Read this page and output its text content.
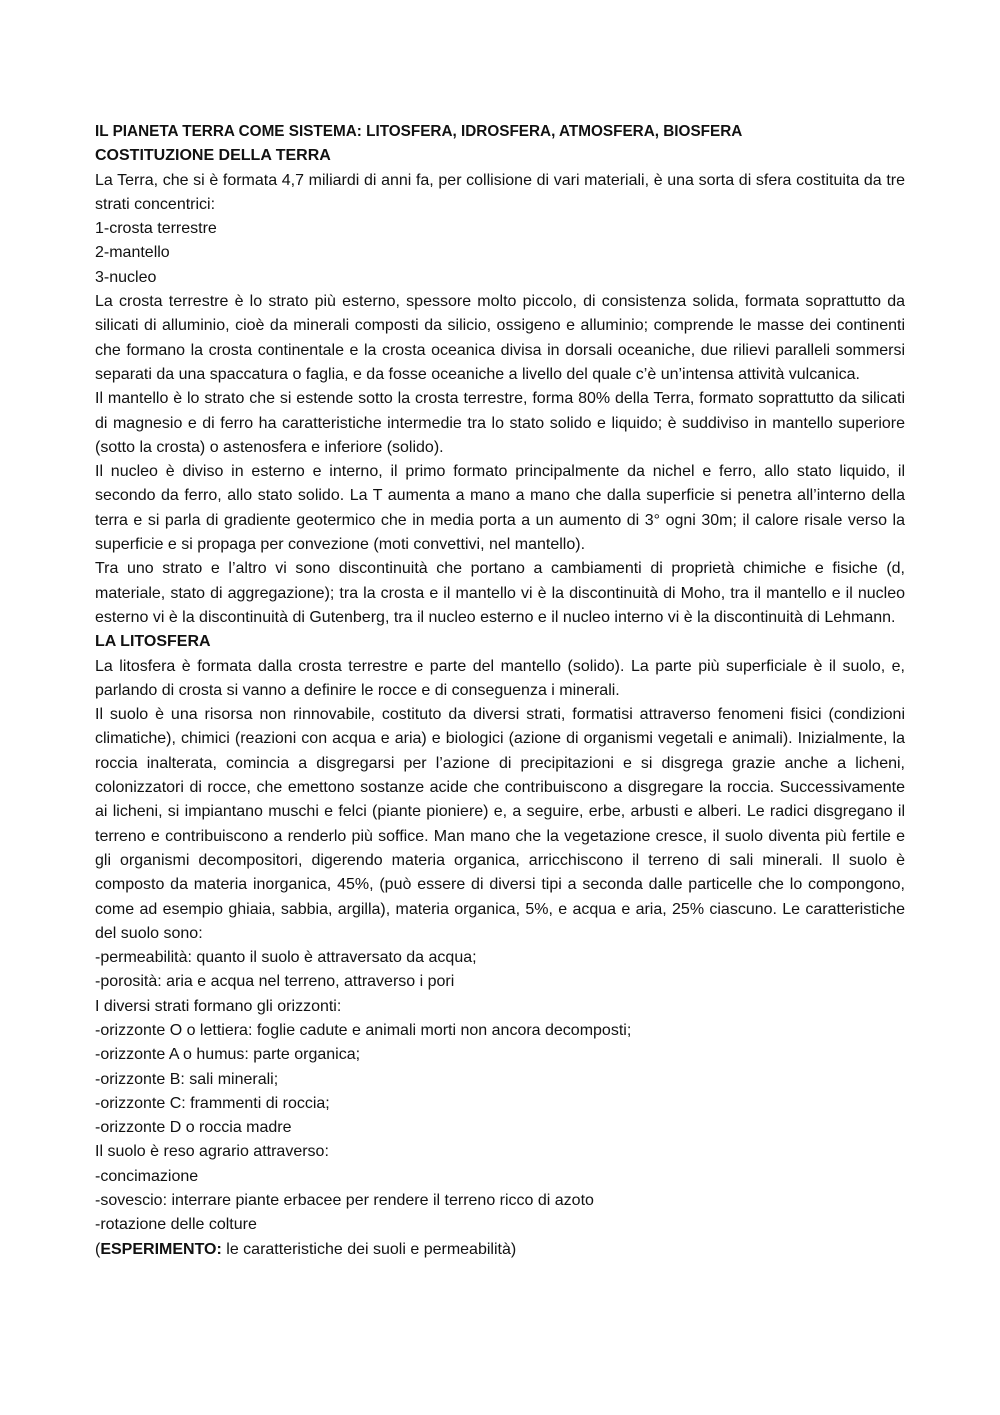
IL PIANETA TERRA COME SISTEMA: LITOSFERA, IDROSFERA, ATMOSFERA, BIOSFERA
COSTITUZIONE DELLA TERRA

La Terra, che si è formata 4,7 miliardi di anni fa, per collisione di vari materiali, è una sorta di sfera costituita da tre strati concentrici:

1-crosta terrestre
2-mantello
3-nucleo

La crosta terrestre è lo strato più esterno, spessore molto piccolo, di consistenza solida, formata soprattutto da silicati di alluminio, cioè da minerali composti da silicio, ossigeno e alluminio; comprende le masse dei continenti che formano la crosta continentale e la crosta oceanica divisa in dorsali oceaniche, due rilievi paralleli sommersi separati da una spaccatura o faglia, e da fosse oceaniche a livello del quale c’è un’intensa attività vulcanica.

Il mantello è lo strato che si estende sotto la crosta terrestre, forma 80% della Terra, formato soprattutto da silicati di magnesio e di ferro ha caratteristiche intermedie tra lo stato solido e liquido; è suddiviso in mantello superiore (sotto la crosta) o astenosfera e inferiore (solido).

Il nucleo è diviso in esterno e interno, il primo formato principalmente da nichel e ferro, allo stato liquido, il secondo da ferro, allo stato solido. La T aumenta a mano a mano che dalla superficie si penetra all’interno della terra e si parla di gradiente geotermico che in media porta a un aumento di 3° ogni 30m; il calore risale verso la superficie e si propaga per convezione (moti convettivi, nel mantello).

Tra uno strato e l’altro vi sono discontinuità che portano a cambiamenti di proprietà chimiche e fisiche (d, materiale, stato di aggregazione); tra la crosta e il mantello vi è la discontinuità di Moho, tra il mantello e il nucleo esterno vi è la discontinuità di Gutenberg, tra il nucleo esterno e il nucleo interno vi è la discontinuità di Lehmann.

LA LITOSFERA

La litosfera è formata dalla crosta terrestre e parte del mantello (solido). La parte più superficiale è il suolo, e, parlando di crosta si vanno a definire le rocce e di conseguenza i minerali.

Il suolo è una risorsa non rinnovabile, costituto da diversi strati, formatisi attraverso fenomeni fisici (condizioni climatiche), chimici (reazioni con acqua e aria) e biologici (azione di organismi vegetali e animali). Inizialmente, la roccia inalterata, comincia a disgregarsi per l’azione di precipitazioni e si disgrega grazie anche a licheni, colonizzatori di rocce, che emettono sostanze acide che contribuiscono a disgregare la roccia. Successivamente ai licheni, si impiantano muschi e felci (piante pioniere) e, a seguire, erbe, arbusti e alberi. Le radici disgregano il terreno e contribuiscono a renderlo più soffice. Man mano che la vegetazione cresce, il suolo diventa più fertile e gli organismi decompositori, digerendo materia organica, arricchiscono il terreno di sali minerali. Il suolo è composto da materia inorganica, 45%, (può essere di diversi tipi a seconda dalle particelle che lo compongono, come ad esempio ghiaia, sabbia, argilla), materia organica, 5%, e acqua e aria, 25% ciascuno. Le caratteristiche del suolo sono:

-permeabilità: quanto il suolo è attraversato da acqua;
-porosità: aria e acqua nel terreno, attraverso i pori
I diversi strati formano gli orizzonti:
-orizzonte O o lettiera: foglie cadute e animali morti non ancora decomposti;
-orizzonte A o humus: parte organica;
-orizzonte B: sali minerali;
-orizzonte C: frammenti di roccia;
-orizzonte D o roccia madre
Il suolo è reso agrario attraverso:
-concimazione
-sovescio: interrare piante erbacee per rendere il terreno ricco di azoto
-rotazione delle colture
(ESPERIMENTO: le caratteristiche dei suoli e permeabilità)
